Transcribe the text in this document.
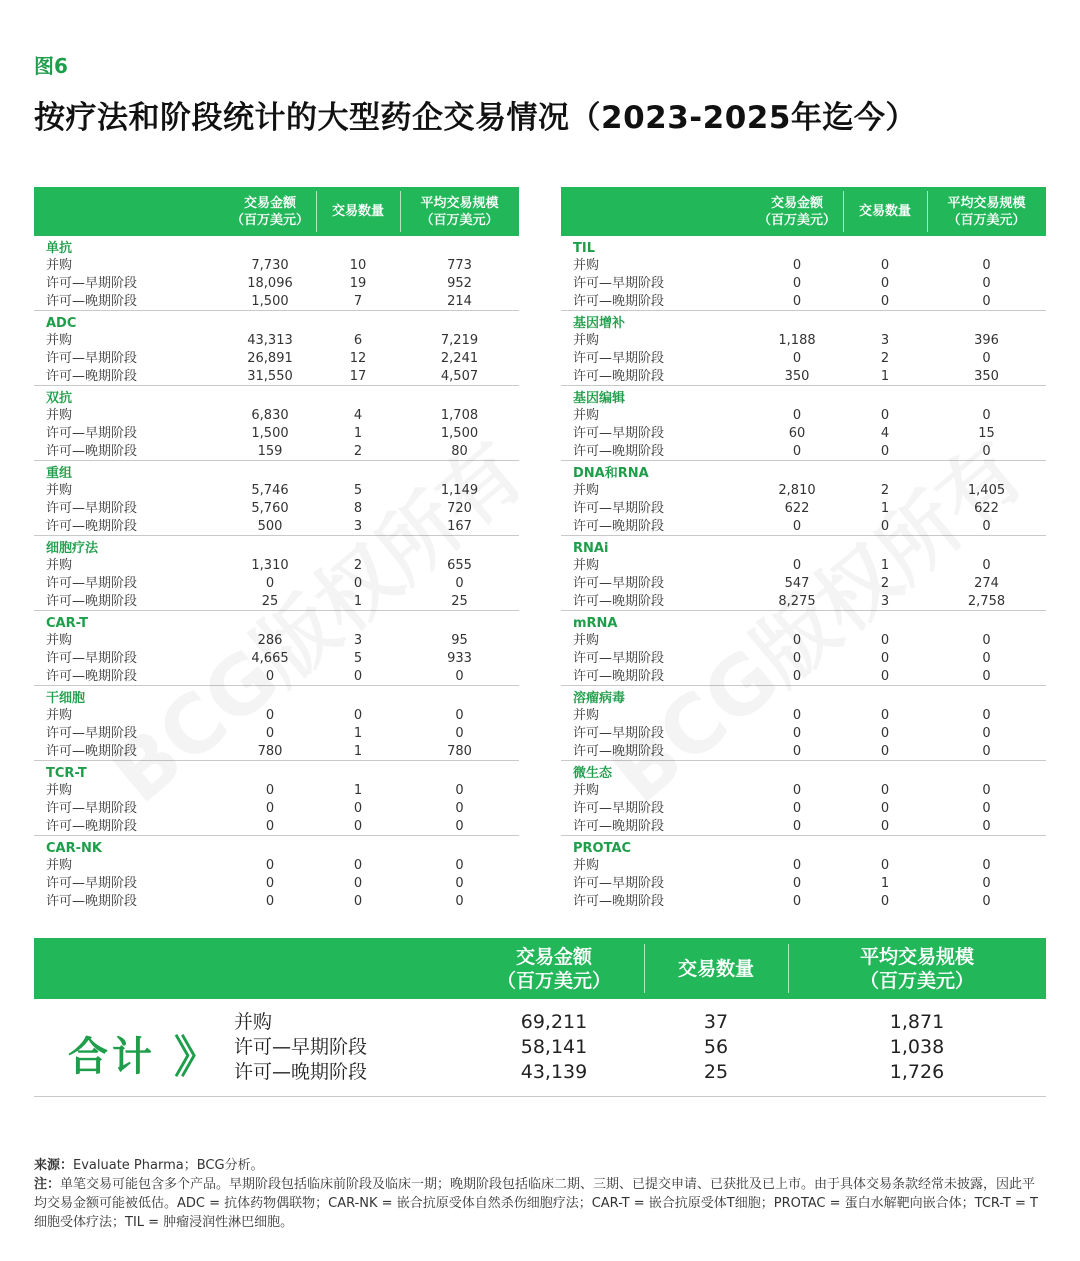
图6
按疗法和阶段统计的大型药企交易情况（2023-2025年迄今）
交易金额
（百万美元）
交易数量
平均交易规模
（百万美元）
单抗
并购	7,730	10	773
许可—早期阶段	18,096	19	952
许可—晚期阶段	1,500	7	214
ADC
并购	43,313	6	7,219
许可—早期阶段	26,891	12	2,241
许可—晚期阶段	31,550	17	4,507
双抗
并购	6,830	4	1,708
许可—早期阶段	1,500	1	1,500
许可—晚期阶段	159	2	80
重组
并购	5,746	5	1,149
许可—早期阶段	5,760	8	720
许可—晚期阶段	500	3	167
细胞疗法
并购	1,310	2	655
许可—早期阶段	0	0	0
许可—晚期阶段	25	1	25
CAR-T
并购	286	3	95
许可—早期阶段	4,665	5	933
许可—晚期阶段	0	0	0
干细胞
并购	0	0	0
许可—早期阶段	0	1	0
许可—晚期阶段	780	1	780
TCR-T
并购	0	1	0
许可—早期阶段	0	0	0
许可—晚期阶段	0	0	0
CAR-NK
并购	0	0	0
许可—早期阶段	0	0	0
许可—晚期阶段	0	0	0
交易金额
（百万美元）
交易数量
平均交易规模
（百万美元）
TIL
并购	0	0	0
许可—早期阶段	0	0	0
许可—晚期阶段	0	0	0
基因增补
并购	1,188	3	396
许可—早期阶段	0	2	0
许可—晚期阶段	350	1	350
基因编辑
并购	0	0	0
许可—早期阶段	60	4	15
许可—晚期阶段	0	0	0
DNA和RNA
并购	2,810	2	1,405
许可—早期阶段	622	1	622
许可—晚期阶段	0	0	0
RNAi
并购	0	1	0
许可—早期阶段	547	2	274
许可—晚期阶段	8,275	3	2,758
mRNA
并购	0	0	0
许可—早期阶段	0	0	0
许可—晚期阶段	0	0	0
溶瘤病毒
并购	0	0	0
许可—早期阶段	0	0	0
许可—晚期阶段	0	0	0
微生态
并购	0	0	0
许可—早期阶段	0	0	0
许可—晚期阶段	0	0	0
PROTAC
并购	0	0	0
许可—早期阶段	0	1	0
许可—晚期阶段	0	0	0
交易金额
（百万美元）
交易数量
平均交易规模
（百万美元）
合计 》
并购	69,211	37	1,871
许可—早期阶段	58,141	56	1,038
许可—晚期阶段	43,139	25	1,726
来源：Evaluate Pharma；BCG分析。
注：单笔交易可能包含多个产品。早期阶段包括临床前阶段及临床一期；晚期阶段包括临床二期、三期、已提交申请、已获批及已上市。由于具体交易条款经常未披露，因此平均交易金额可能被低估。ADC = 抗体药物偶联物；CAR-NK = 嵌合抗原受体自然杀伤细胞疗法；CAR-T = 嵌合抗原受体T细胞；PROTAC = 蛋白水解靶向嵌合体；TCR-T = T细胞受体疗法；TIL = 肿瘤浸润性淋巴细胞。
